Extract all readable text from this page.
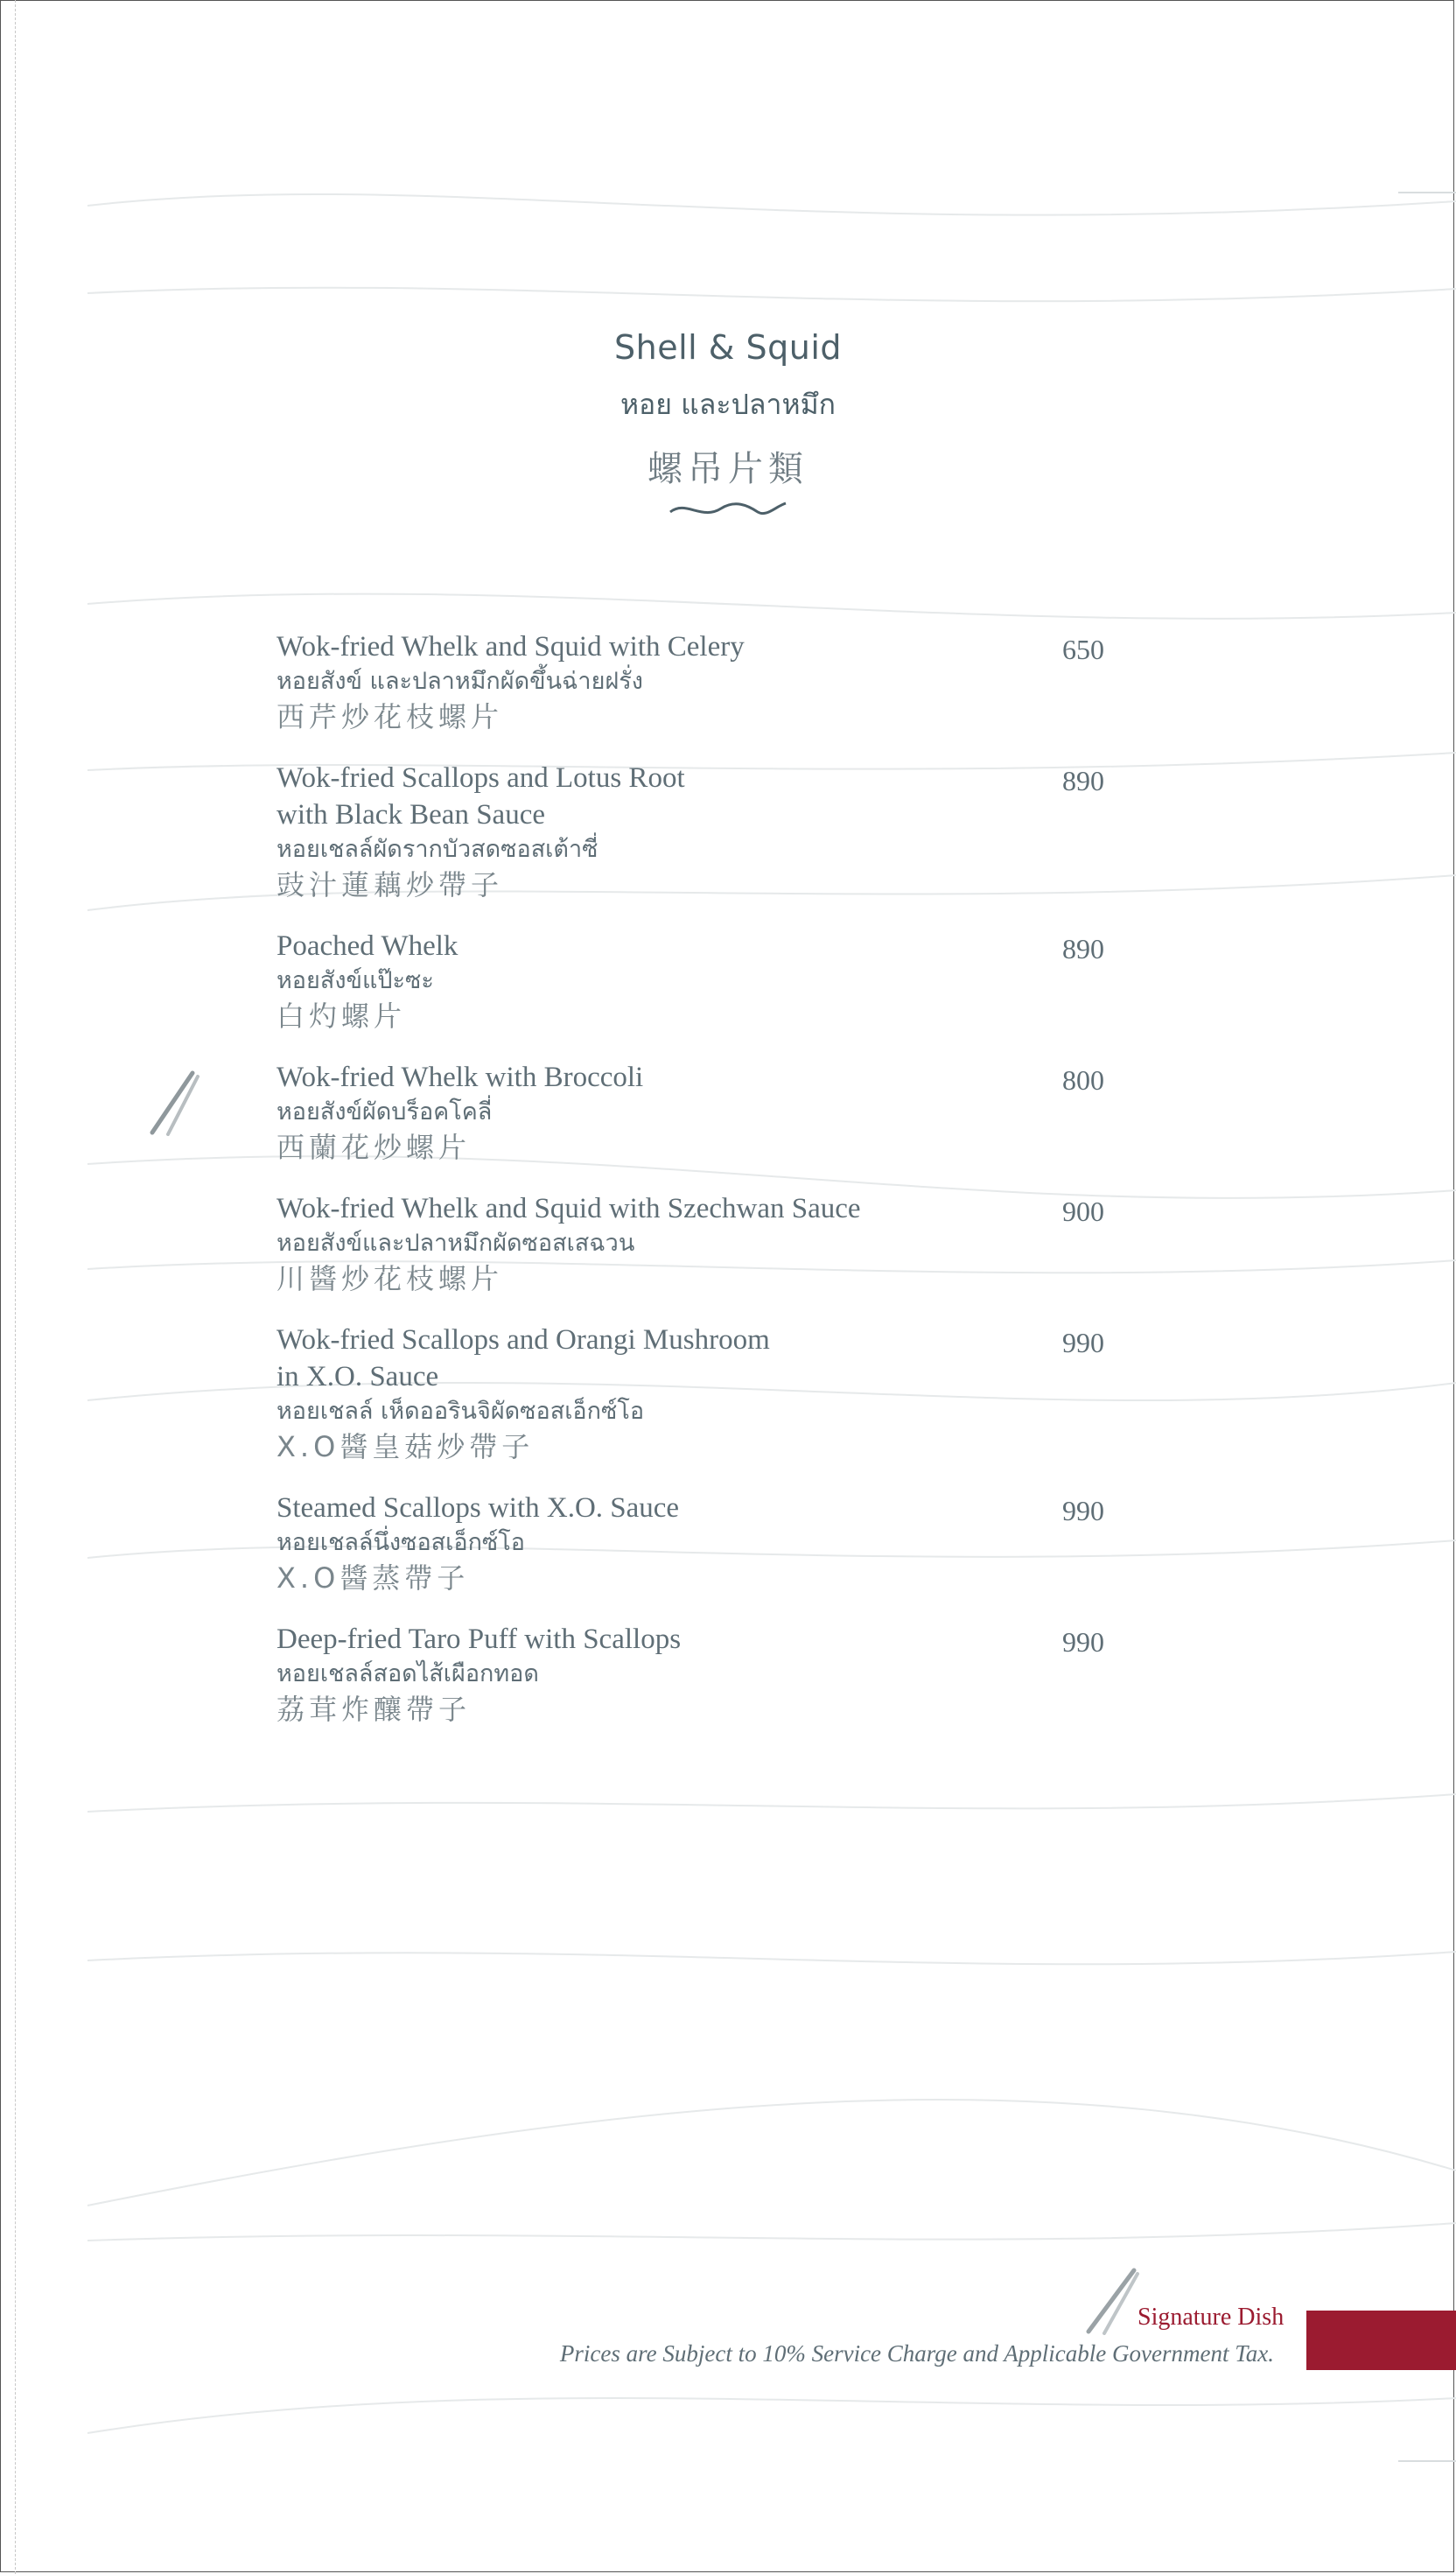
Shell & Squid
หอย และปลาหมึก
螺吊片類
Wok-fried Whelk and Squid with Celery
หอยสังข์ และปลาหมึกผัดขึ้นฉ่ายฝรั่ง
西芹炒花枝螺片
650
Wok-fried Scallops and Lotus Root
with Black Bean Sauce
หอยเชลล์ผัดรากบัวสดซอสเต้าซี่
豉汁蓮藕炒帶子
890
Poached Whelk
หอยสังข์แป๊ะซะ
白灼螺片
890
Wok-fried Whelk with Broccoli
หอยสังข์ผัดบร็อคโคลี่
西蘭花炒螺片
800
Wok-fried Whelk and Squid with Szechwan Sauce
หอยสังข์และปลาหมึกผัดซอสเสฉวน
川醬炒花枝螺片
900
Wok-fried Scallops and Orangi Mushroom
in X.O. Sauce
หอยเชลล์ เห็ดออรินจิผัดซอสเอ็กซ์โอ
X.O醬皇菇炒帶子
990
Steamed Scallops with X.O. Sauce
หอยเชลล์นึ่งซอสเอ็กซ์โอ
X.O醬蒸帶子
990
Deep-fried Taro Puff with Scallops
หอยเชลล์สอดไส้เผือกทอด
荔茸炸釀帶子
990
Signature Dish
Prices are Subject to 10% Service Charge and Applicable Government Tax.
